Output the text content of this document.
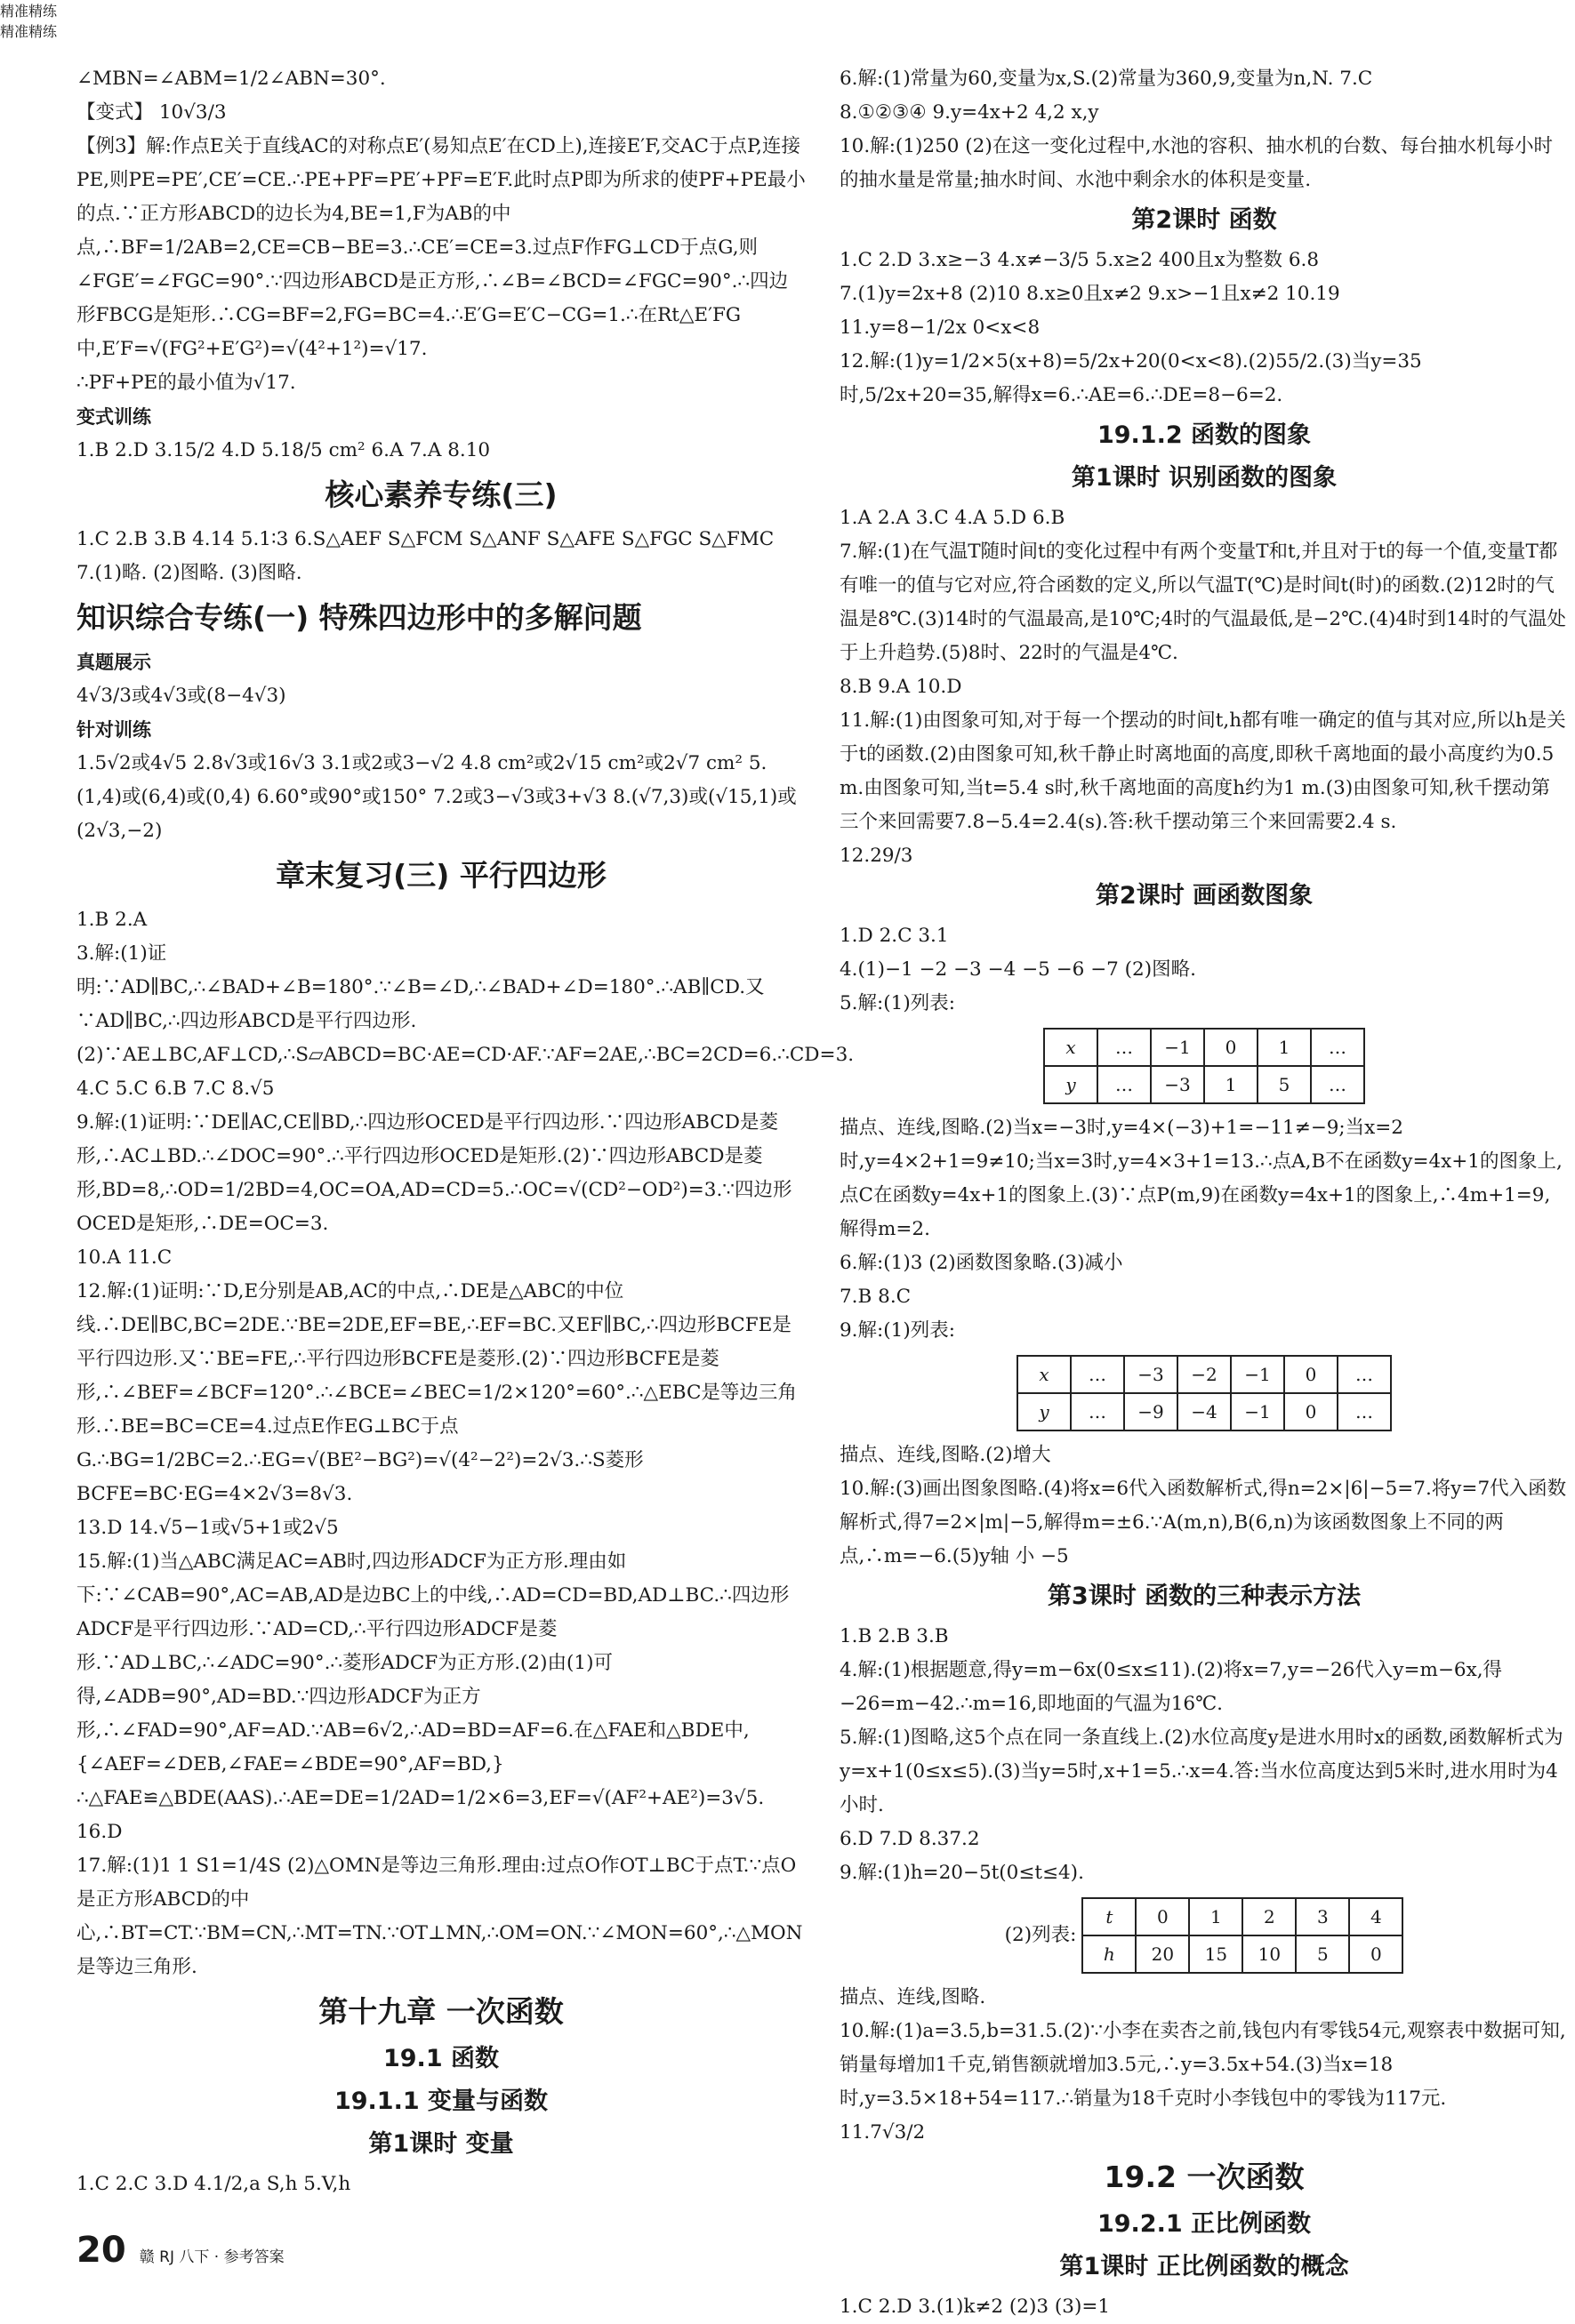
∠MBN=∠ABM=1/2∠ABN=30°.
【变式】 10√3/3
【例3】解:作点E关于直线AC的对称点E′(易知点E′在CD上),连接E′F,交AC于点P,连接PE,则PE=PE′,CE′=CE.∴PE+PF=PE′+PF=E′F.此时点P即为所求的使PF+PE最小的点.∵正方形ABCD的边长为4,BE=1,F为AB的中点,∴BF=1/2AB=2,CE=CB−BE=3.∴CE′=CE=3.过点F作FG⊥CD于点G,则∠FGE′=∠FGC=90°.∵四边形ABCD是正方形,∴∠B=∠BCD=∠FGC=90°.∴四边形FBCG是矩形.∴CG=BF=2,FG=BC=4.∴E′G=E′C−CG=1.∴在Rt△E′FG中,E′F=√(FG²+E′G²)=√(4²+1²)=√17.
∴PF+PE的最小值为√17.
变式训练
1.B 2.D 3.15/2 4.D 5.18/5 cm² 6.A 7.A 8.10
核心素养专练(三)
1.C 2.B 3.B 4.14 5.1∶3 6.S△AEF S△FCM S△ANF S△AFE S△FGC S△FMC
7.(1)略. (2)图略. (3)图略.
知识综合专练(一) 特殊四边形中的多解问题
真题展示
4√3/3或4√3或(8−4√3)
针对训练
1.5√2或4√5 2.8√3或16√3 3.1或2或3−√2 4.8 cm²或2√15 cm²或2√7 cm² 5.(1,4)或(6,4)或(0,4) 6.60°或90°或150° 7.2或3−√3或3+√3 8.(√7,3)或(√15,1)或(2√3,−2)
章末复习(三) 平行四边形
1.B 2.A
3.解:(1)证明:∵AD∥BC,∴∠BAD+∠B=180°.∵∠B=∠D,∴∠BAD+∠D=180°.∴AB∥CD.又∵AD∥BC,∴四边形ABCD是平行四边形.(2)∵AE⊥BC,AF⊥CD,∴S▱ABCD=BC·AE=CD·AF.∵AF=2AE,∴BC=2CD=6.∴CD=3.
4.C 5.C 6.B 7.C 8.√5
9.解:(1)证明:∵DE∥AC,CE∥BD,∴四边形OCED是平行四边形.∵四边形ABCD是菱形,∴AC⊥BD.∴∠DOC=90°.∴平行四边形OCED是矩形.(2)∵四边形ABCD是菱形,BD=8,∴OD=1/2BD=4,OC=OA,AD=CD=5.∴OC=√(CD²−OD²)=3.∵四边形OCED是矩形,∴DE=OC=3.
10.A 11.C
12.解:(1)证明:∵D,E分别是AB,AC的中点,∴DE是△ABC的中位线.∴DE∥BC,BC=2DE.∵BE=2DE,EF=BE,∴EF=BC.又EF∥BC,∴四边形BCFE是平行四边形.又∵BE=FE,∴平行四边形BCFE是菱形.(2)∵四边形BCFE是菱形,∴∠BEF=∠BCF=120°.∴∠BCE=∠BEC=1/2×120°=60°.∴△EBC是等边三角形.∴BE=BC=CE=4.过点E作EG⊥BC于点G.∴BG=1/2BC=2.∴EG=√(BE²−BG²)=√(4²−2²)=2√3.∴S菱形BCFE=BC·EG=4×2√3=8√3.
13.D 14.√5−1或√5+1或2√5
15.解:(1)当△ABC满足AC=AB时,四边形ADCF为正方形.理由如下:∵∠CAB=90°,AC=AB,AD是边BC上的中线,∴AD=CD=BD,AD⊥BC.∴四边形ADCF是平行四边形.∵AD=CD,∴平行四边形ADCF是菱形.∵AD⊥BC,∴∠ADC=90°.∴菱形ADCF为正方形.(2)由(1)可得,∠ADB=90°,AD=BD.∵四边形ADCF为正方形,∴∠FAD=90°,AF=AD.∵AB=6√2,∴AD=BD=AF=6.在△FAE和△BDE中,{∠AEF=∠DEB,∠FAE=∠BDE=90°,AF=BD,} ∴△FAE≌△BDE(AAS).∴AE=DE=1/2AD=1/2×6=3,EF=√(AF²+AE²)=3√5.
16.D
17.解:(1)1 1 S1=1/4S (2)△OMN是等边三角形.理由:过点O作OT⊥BC于点T.∵点O是正方形ABCD的中心,∴BT=CT.∵BM=CN,∴MT=TN.∵OT⊥MN,∴OM=ON.∵∠MON=60°,∴△MON是等边三角形.
第十九章 一次函数
19.1 函数
19.1.1 变量与函数
第1课时 变量
1.C 2.C 3.D 4.1/2,a S,h 5.V,h
6.解:(1)常量为60,变量为x,S.(2)常量为360,9,变量为n,N. 7.C
8.①②③④ 9.y=4x+2 4,2 x,y
10.解:(1)250 (2)在这一变化过程中,水池的容积、抽水机的台数、每台抽水机每小时的抽水量是常量;抽水时间、水池中剩余水的体积是变量.
第2课时 函数
1.C 2.D 3.x≥−3 4.x≠−3/5 5.x≥2 400且x为整数 6.8
7.(1)y=2x+8 (2)10 8.x≥0且x≠2 9.x>−1且x≠2 10.19
11.y=8−1/2x 0<x<8
12.解:(1)y=1/2×5(x+8)=5/2x+20(0<x<8).(2)55/2.(3)当y=35时,5/2x+20=35,解得x=6.∴AE=6.∴DE=8−6=2.
19.1.2 函数的图象
第1课时 识别函数的图象
1.A 2.A 3.C 4.A 5.D 6.B
7.解:(1)在气温T随时间t的变化过程中有两个变量T和t,并且对于t的每一个值,变量T都有唯一的值与它对应,符合函数的定义,所以气温T(℃)是时间t(时)的函数.(2)12时的气温是8℃.(3)14时的气温最高,是10℃;4时的气温最低,是−2℃.(4)4时到14时的气温处于上升趋势.(5)8时、22时的气温是4℃.
8.B 9.A 10.D
11.解:(1)由图象可知,对于每一个摆动的时间t,h都有唯一确定的值与其对应,所以h是关于t的函数.(2)由图象可知,秋千静止时离地面的高度,即秋千离地面的最小高度约为0.5 m.由图象可知,当t=5.4 s时,秋千离地面的高度h约为1 m.(3)由图象可知,秋千摆动第三个来回需要7.8−5.4=2.4(s).答:秋千摆动第三个来回需要2.4 s.
12.29/3
第2课时 画函数图象
1.D 2.C 3.1
4.(1)−1 −2 −3 −4 −5 −6 −7 (2)图略.
5.解:(1)列表:
x	…	−1	0	1	…
y	…	−3	1	5	…
描点、连线,图略.(2)当x=−3时,y=4×(−3)+1=−11≠−9;当x=2时,y=4×2+1=9≠10;当x=3时,y=4×3+1=13.∴点A,B不在函数y=4x+1的图象上,点C在函数y=4x+1的图象上.(3)∵点P(m,9)在函数y=4x+1的图象上,∴4m+1=9,解得m=2.
6.解:(1)3 (2)函数图象略.(3)减小
7.B 8.C
9.解:(1)列表:
x	…	−3	−2	−1	0	…
y	…	−9	−4	−1	0	…
描点、连线,图略.(2)增大
10.解:(3)画出图象图略.(4)将x=6代入函数解析式,得n=2×|6|−5=7.将y=7代入函数解析式,得7=2×|m|−5,解得m=±6.∵A(m,n),B(6,n)为该函数图象上不同的两点,∴m=−6.(5)y轴 小 −5
第3课时 函数的三种表示方法
1.B 2.B 3.B
4.解:(1)根据题意,得y=m−6x(0≤x≤11).(2)将x=7,y=−26代入y=m−6x,得−26=m−42.∴m=16,即地面的气温为16℃.
5.解:(1)图略,这5个点在同一条直线上.(2)水位高度y是进水用时x的函数,函数解析式为y=x+1(0≤x≤5).(3)当y=5时,x+1=5.∴x=4.答:当水位高度达到5米时,进水用时为4小时.
6.D 7.D 8.37.2
9.解:(1)h=20−5t(0≤t≤4).
(2)列表:
t	0	1	2	3	4
h	20	15	10	5	0
描点、连线,图略.
10.解:(1)a=3.5,b=31.5.(2)∵小李在卖杏之前,钱包内有零钱54元,观察表中数据可知,销量每增加1千克,销售额就增加3.5元,∴y=3.5x+54.(3)当x=18时,y=3.5×18+54=117.∴销量为18千克时小李钱包中的零钱为117元.
11.7√3/2
19.2 一次函数
19.2.1 正比例函数
第1课时 正比例函数的概念
1.C 2.D 3.(1)k≠2 (2)3 (3)=1
精准精练
精准精练
20 赣 RJ 八下 · 参考答案
